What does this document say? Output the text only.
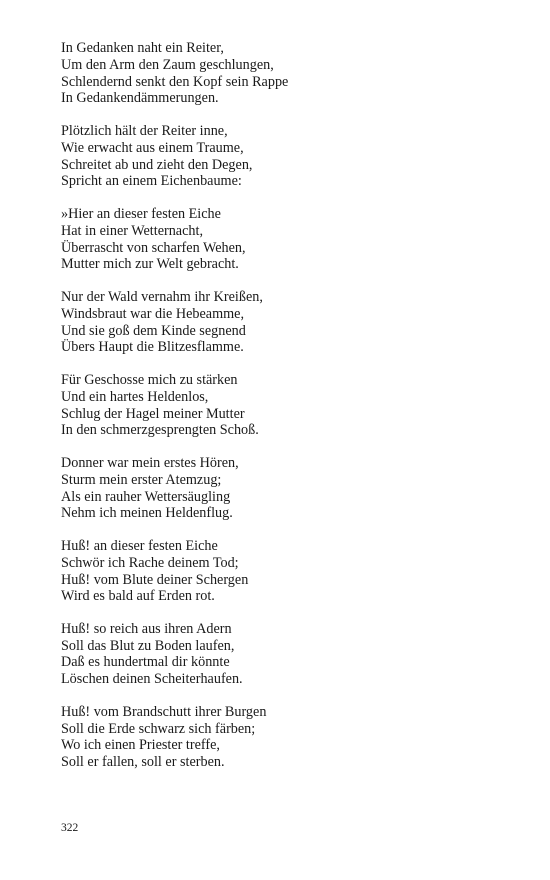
In Gedanken naht ein Reiter,
Um den Arm den Zaum geschlungen,
Schlendernd senkt den Kopf sein Rappe
In Gedankendämmerungen.
Plötzlich hält der Reiter inne,
Wie erwacht aus einem Traume,
Schreitet ab und zieht den Degen,
Spricht an einem Eichenbaume:
»Hier an dieser festen Eiche
Hat in einer Wetternacht,
Überrascht von scharfen Wehen,
Mutter mich zur Welt gebracht.
Nur der Wald vernahm ihr Kreißen,
Windsbraut war die Hebeamme,
Und sie goß dem Kinde segnend
Übers Haupt die Blitzesflamme.
Für Geschosse mich zu stärken
Und ein hartes Heldenlos,
Schlug der Hagel meiner Mutter
In den schmerzgesprengten Schoß.
Donner war mein erstes Hören,
Sturm mein erster Atemzug;
Als ein rauher Wettersäugling
Nehm ich meinen Heldenflug.
Huß! an dieser festen Eiche
Schwör ich Rache deinem Tod;
Huß! vom Blute deiner Schergen
Wird es bald auf Erden rot.
Huß! so reich aus ihren Adern
Soll das Blut zu Boden laufen,
Daß es hundertmal dir könnte
Löschen deinen Scheiterhaufen.
Huß! vom Brandschutt ihrer Burgen
Soll die Erde schwarz sich färben;
Wo ich einen Priester treffe,
Soll er fallen, soll er sterben.
322
